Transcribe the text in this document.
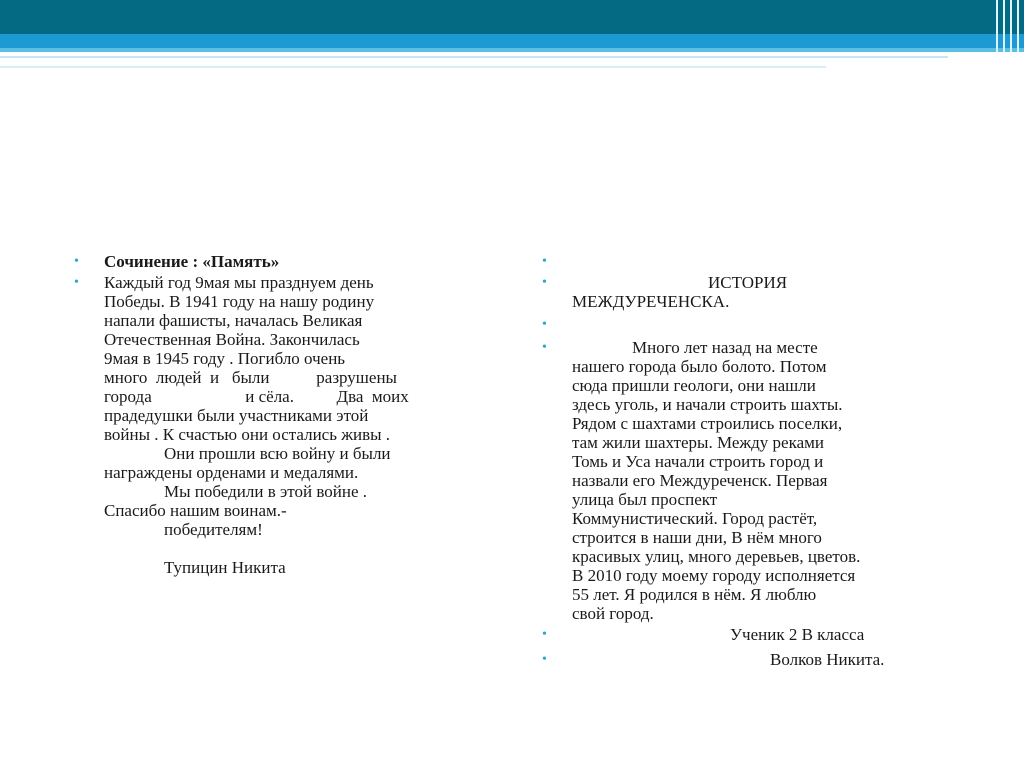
• Сочинение : «Память»
• Каждый год 9мая мы празднуем день
Победы. В 1941 году на нашу родину
напали фашисты, началась Великая
Отечественная Война. Закончилась
9мая в 1945 году . Погибло очень
много  людей  и   были           разрушены
города                      и сёла.          Два  моих
прадедушки были участниками этой
войны . К счастью они остались живы .
Они прошли всю войну и были
награждены орденами и медалями.
Мы победили в этой войне .
Спасибо нашим воинам.-
победителям!
Тупицин Никита
•
•	ИСТОРИЯ
МЕЖДУРЕЧЕНСКА.
•
•	Много лет назад на месте
нашего города было болото. Потом
сюда пришли геологи, они нашли
здесь уголь, и начали строить шахты.
Рядом с шахтами строились поселки,
там жили шахтеры. Между реками
Томь и Уса начали строить город и
назвали его Междуреченск. Первая
улица был проспект
Коммунистический. Город растёт,
строится в наши дни, В нём много
красивых улиц, много деревьев, цветов.
В 2010 году моему городу исполняется
55 лет. Я родился в нём. Я люблю
свой город.
•	Ученик 2 В класса
•	Волков Никита.
